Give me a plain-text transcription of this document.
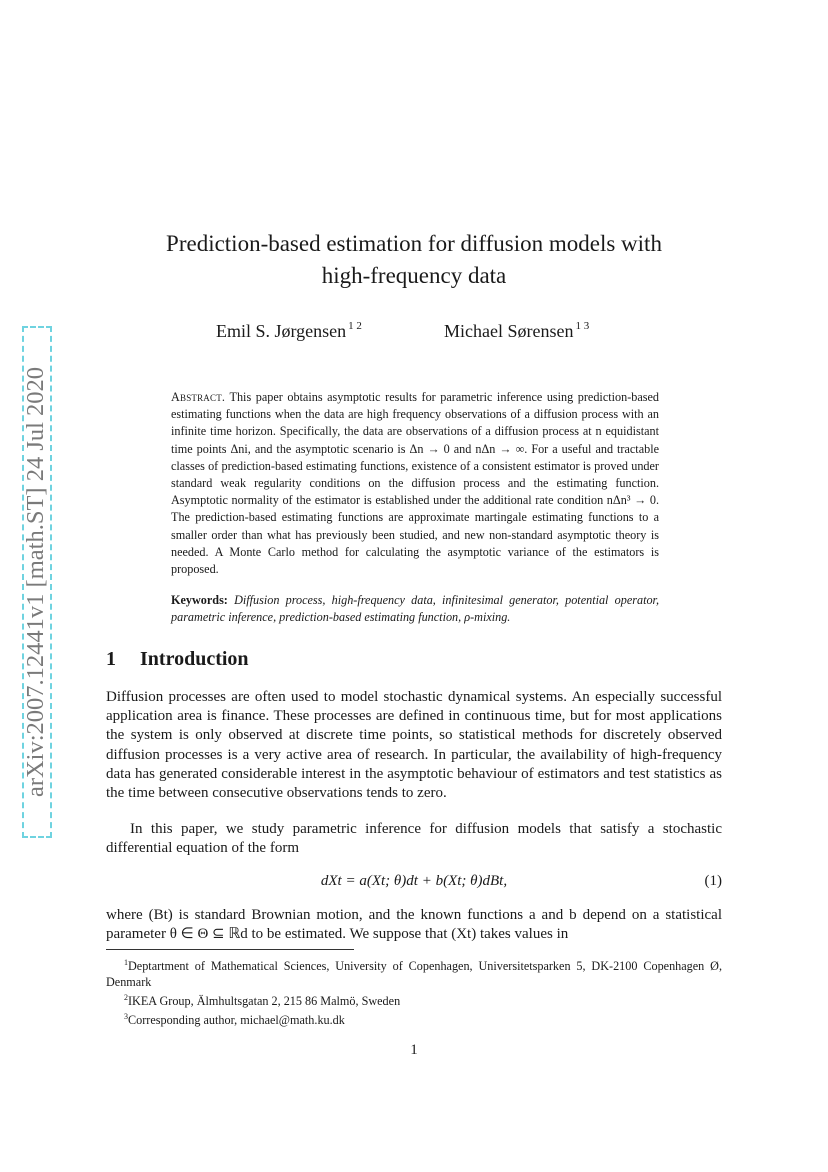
arXiv:2007.12441v1 [math.ST] 24 Jul 2020
Prediction-based estimation for diffusion models with high-frequency data
Emil S. Jørgensen $^{1 2}$	Michael Sørensen $^{1 3}$
Abstract. This paper obtains asymptotic results for parametric inference using prediction-based estimating functions when the data are high frequency observations of a diffusion process with an infinite time horizon. Specifically, the data are observations of a diffusion process at n equidistant time points Δni, and the asymptotic scenario is Δn → 0 and nΔn → ∞. For a useful and tractable classes of prediction-based estimating functions, existence of a consistent estimator is proved under standard weak regularity conditions on the diffusion process and the estimating function. Asymptotic normality of the estimator is established under the additional rate condition nΔn³ → 0. The prediction-based estimating functions are approximate martingale estimating functions to a smaller order than what has previously been studied, and new non-standard asymptotic theory is needed. A Monte Carlo method for calculating the asymptotic variance of the estimators is proposed.
Keywords: Diffusion process, high-frequency data, infinitesimal generator, potential operator, parametric inference, prediction-based estimating function, ρ-mixing.
1 Introduction
Diffusion processes are often used to model stochastic dynamical systems. An especially successful application area is finance. These processes are defined in continuous time, but for most applications the system is only observed at discrete time points, so statistical methods for discretely observed diffusion processes is a very active area of research. In particular, the availability of high-frequency data has generated considerable interest in the asymptotic behaviour of estimators and test statistics as the time between consecutive observations tends to zero.
In this paper, we study parametric inference for diffusion models that satisfy a stochastic differential equation of the form
dXt = a(Xt; θ)dt + b(Xt; θ)dBt,	(1)
where (Bt) is standard Brownian motion, and the known functions a and b depend on a statistical parameter θ ∈ Θ ⊆ ℝd to be estimated. We suppose that (Xt) takes values in
$^1$Deptartment of Mathematical Sciences, University of Copenhagen, Universitetsparken 5, DK-2100 Copenhagen Ø, Denmark
$^2$IKEA Group, Älmhultsgatan 2, 215 86 Malmö, Sweden
$^3$Corresponding author, michael@math.ku.dk
1
